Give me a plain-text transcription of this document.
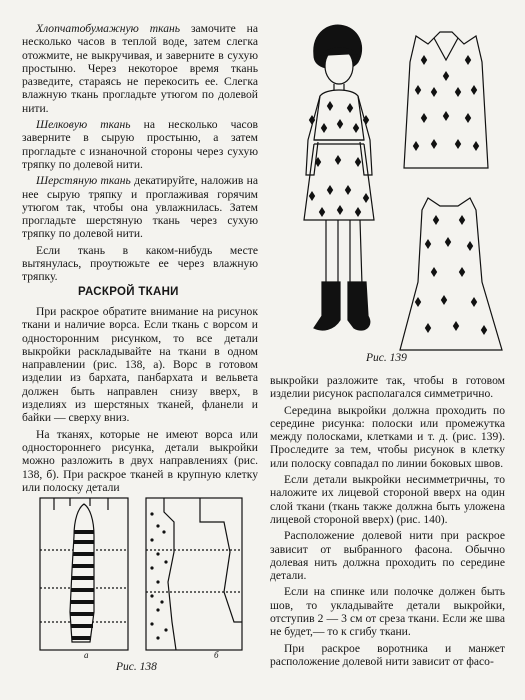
Хлопчатобумажную ткань замочите на несколько часов в теплой воде, затем слегка отожмите, не выкручивая, и заверните в сухую простыню. Через некоторое время ткань разведите, стараясь не перекосить ее. Слегка влажную ткань прогладьте утюгом по долевой нити.

Шелковую ткань на несколько часов заверните в сырую простыню, а затем прогладьте с изнаночной стороны через сухую тряпку по долевой нити.

Шерстяную ткань декатируйте, наложив на нее сырую тряпку и проглаживая горячим утюгом так, чтобы она увлажнилась. Затем прогладьте шерстяную ткань через сухую тряпку по долевой нити.

Если ткань в каком-нибудь месте вытянулась, проутюжьте ее через влажную тряпку.

РАСКРОЙ ТКАНИ

При раскрое обратите внимание на рисунок ткани и наличие ворса. Если ткань с ворсом и односторонним рисунком, то все детали выкройки раскладывайте на ткани в одном направлении (рис. 138, а). Ворс в готовом изделии из бархата, панбархата и вельвета должен быть направлен снизу вверх, в изделиях из шерстяных тканей, фланели и байки — сверху вниз.

На тканях, которые не имеют ворса или одностороннего рисунка, детали выкройки можно разложить в двух направлениях (рис. 138, б). При раскрое тканей в крупную клетку или полоску детали

выкройки разложите так, чтобы в готовом изделии рисунок располагался симметрично.

Середина выкройки должна проходить по середине рисунка: полоски или промежутка между полосками, клетками и т. д. (рис. 139). Проследите за тем, чтобы рисунок в клетку или полоску совпадал по линии боковых швов.

Если детали выкройки несимметричны, то наложите их лицевой стороной вверх на один слой ткани (ткань также должна быть уложена лицевой стороной вверх) (рис. 140).

Расположение долевой нити при раскрое зависит от выбранного фасона. Обычно долевая нить должна проходить по середине детали.

Если на спинке или полочке должен быть шов, то укладывайте детали выкройки, отступив 2 — 3 см от среза ткани. Если же шва не будет,— то к сгибу ткани.

При раскрое воротника и манжет расположение долевой нити зависит от фасо-

Рис. 139
а	б
Рис. 138
